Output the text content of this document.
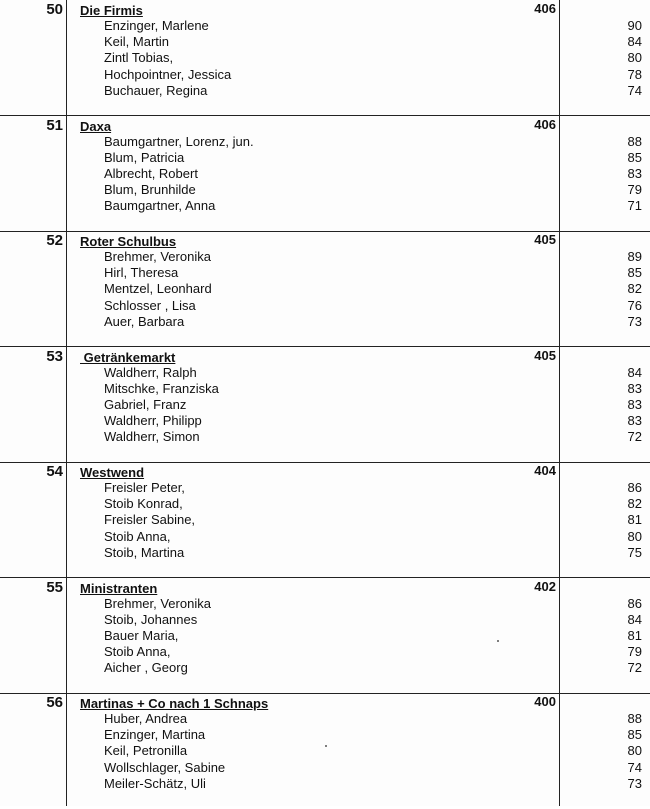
50 Die Firmis	406
Enzinger, Marlene	90
Keil, Martin	84
Zintl Tobias,	80
Hochpointner, Jessica	78
Buchauer, Regina	74
51 Daxa	406
Baumgartner, Lorenz, jun.	88
Blum, Patricia	85
Albrecht, Robert	83
Blum, Brunhilde	79
Baumgartner, Anna	71
52 Roter Schulbus	405
Brehmer, Veronika	89
Hirl, Theresa	85
Mentzel, Leonhard	82
Schlosser , Lisa	76
Auer, Barbara	73
53 Getränkemarkt	405
Waldherr, Ralph	84
Mitschke, Franziska	83
Gabriel, Franz	83
Waldherr, Philipp	83
Waldherr, Simon	72
54 Westwend	404
Freisler Peter,	86
Stoib Konrad,	82
Freisler Sabine,	81
Stoib Anna,	80
Stoib, Martina	75
55 Ministranten	402
Brehmer, Veronika	86
Stoib, Johannes	84
Bauer Maria,	81
Stoib Anna,	79
Aicher , Georg	72
56 Martinas + Co nach 1 Schnaps	400
Huber, Andrea	88
Enzinger, Martina	85
Keil, Petronilla	80
Wollschlager, Sabine	74
Meiler-Schätz, Uli	73
